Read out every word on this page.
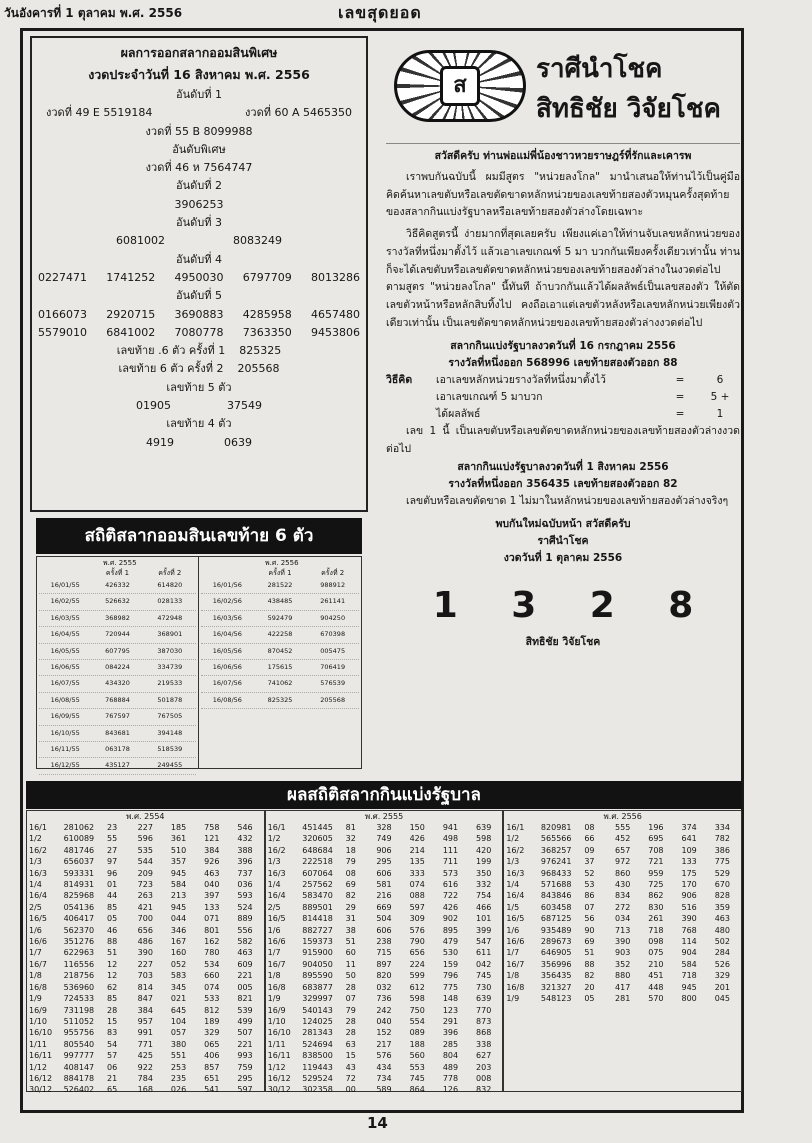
วันอังคารที่ 1 ตุลาคม พ.ศ. 2556	เลขสุดยอด
ผลการออกสลากออมสินพิเศษ
งวดประจำวันที่ 16 สิงหาคม พ.ศ. 2556
อันดับที่ 1
งวดที่ 49 E 5519184	งวดที่ 60 A 5465350
งวดที่ 55 B 8099988
อันดับพิเศษ
งวดที่ 46 ห 7564747
อันดับที่ 2
3906253
อันดับที่ 3
6081002	8083249
อันดับที่ 4
0227471 1741252 4950030 6797709 8013286
อันดับที่ 5
0166073 2920715 3690883 4285958 4657480
5579010 6841002 7080778 7363350 9453806
เลขท้าย .6 ตัว ครั้งที่ 1 825325
เลขท้าย 6 ตัว ครั้งที่ 2 205568
เลขท้าย 5 ตัว
01905	37549
เลขท้าย 4 ตัว
4919	0639
สถิติสลากออมสินเลขท้าย 6 ตัว
พ.ศ. 2555
ครั้งที่ 1	ครั้งที่ 2
16/01/55	426332	614820
16/02/55	526632	028133
16/03/55	368982	472948
16/04/55	720944	368901
16/05/55	607795	387030
16/06/55	084224	334739
16/07/55	434320	219533
16/08/55	768884	501878
16/09/55	767597	767505
16/10/55	843681	394148
16/11/55	063178	518539
16/12/55	435127	249455
พ.ศ. 2556
ครั้งที่ 1	ครั้งที่ 2
16/01/56	281522	988912
16/02/56	438485	261141
16/03/56	592479	904250
16/04/56	422258	670398
16/05/56	870452	005475
16/06/56	175615	706419
16/07/56	741062	576539
16/08/56	825325	205568
ส
ราศีนำโชค
สิทธิชัย วิจัยโชค

สวัสดีครับ ท่านพ่อแม่พี่น้องชาวหวยราษฎร์ที่รักและเคารพ

เราพบกันฉบับนี้ ผมมีสูตร "หน่วยลงโกล" มานำเสนอให้ท่านไว้เป็นคู่มือคิดค้นหาเลขตับหรือเลขตัดขาดหลักหน่วยของเลขท้ายสองตัวหมุนครั้งสุดท้ายของสลากกินแบ่งรัฐบาลหรือเลขท้ายสองตัวล่างโดยเฉพาะ

วิธีคิดสูตรนี้ ง่ายมากที่สุดเลยครับ เพียงแค่เอาให้ท่านจับเลขหลักหน่วยของรางวัลที่หนึ่งมาตั้งไว้ แล้วเอาเลขเกณฑ์ 5 มา บวกกันเพียงครั้งเดียวเท่านั้น ท่านก็จะได้เลขตับหรือเลขตัดขาดหลักหน่วยของเลขท้ายสองตัวล่างในงวดต่อไป ตามสูตร "หน่วยลงโกล" นี้ทันที ถ้าบวกกันแล้วได้ผลลัพธ์เป็นเลขสองตัว ให้ตัดเลขตัวหน้าหรือหลักสิบทิ้งไป คงถือเอาแต่เลขตัวหลังหรือเลขหลักหน่วยเพียงตัวเดียวเท่านั้น เป็นเลขตัดขาดหลักหน่วยของเลขท้ายสองตัวล่างงวดต่อไป

สลากกินแบ่งรัฐบาลงวดวันที่ 16 กรกฎาคม 2556

รางวัลที่หนึ่งออก 568996 เลขท้ายสองตัวออก 88

วิธีคิด	เอาเลขหลักหน่วยรางวัลที่หนึ่งมาตั้งไว้	=	6
เอาเลขเกณฑ์ 5 มาบวก	=	5 +
ได้ผลลัพธ์	=	1

เลข 1 นี้ เป็นเลขตับหรือเลขตัดขาดหลักหน่วยของเลขท้ายสองตัวล่างงวดต่อไป

สลากกินแบ่งรัฐบาลงวดวันที่ 1 สิงหาคม 2556

รางวัลที่หนึ่งออก 356435 เลขท้ายสองตัวออก 82

เลขตับหรือเลขตัดขาด 1 ไม่มาในหลักหน่วยของเลขท้ายสองตัวล่างจริงๆ

พบกันใหม่ฉบับหน้า สวัสดีครับ

ราศีนำโชค

งวดวันที่ 1 ตุลาคม 2556

1 3 2 8

สิทธิชัย วิจัยโชค

ผลสถิติสลากกินแบ่งรัฐบาล
พ.ศ. 2554
16/1	281062	23	227	185	758	546
1/2	610089	55	596	361	121	432
16/2	481746	27	535	510	384	388
1/3	656037	97	544	357	926	396
16/3	593331	96	209	945	463	737
1/4	814931	01	723	584	040	036
16/4	825968	44	263	213	397	593
2/5	054136	85	421	945	133	524
16/5	406417	05	700	044	071	889
1/6	562370	46	656	346	801	556
16/6	351276	88	486	167	162	582
1/7	622963	51	390	160	780	463
16/7	116556	12	227	052	534	609
1/8	218756	12	703	583	660	221
16/8	536960	62	814	345	074	005
1/9	724533	85	847	021	533	821
16/9	731198	28	384	645	812	539
1/10	511052	15	957	104	189	499
16/10	955756	83	991	057	329	507
1/11	805540	54	771	380	065	221
16/11	997777	57	425	551	406	993
1/12	408147	06	922	253	857	759
16/12	884178	21	784	235	651	295
30/12	526402	65	168	026	541	597
พ.ศ. 2555
16/1	451445	81	328	150	941	639
1/2	320605	32	749	426	498	598
16/2	648684	18	906	214	111	420
1/3	222518	79	295	135	711	199
16/3	607064	08	606	333	573	350
1/4	257562	69	581	074	616	332
16/4	583470	82	216	088	722	754
2/5	889501	29	669	597	426	466
16/5	814418	31	504	309	902	101
1/6	882727	38	606	576	895	399
16/6	159373	51	238	790	479	547
1/7	915900	60	715	656	530	611
16/7	904050	11	897	224	159	042
1/8	895590	50	820	599	796	745
16/8	683877	28	032	612	775	730
1/9	329997	07	736	598	148	639
16/9	540143	79	242	750	123	770
1/10	124025	28	040	554	291	873
16/10	281343	28	152	089	396	868
1/11	524694	63	217	188	285	338
16/11	838500	15	576	560	804	627
1/12	119443	43	434	553	489	203
16/12	529524	72	734	745	778	008
30/12	302358	00	589	864	126	832
พ.ศ. 2556
16/1	820981	08	555	196	374	334
1/2	565566	66	452	695	641	782
16/2	368257	09	657	708	109	386
1/3	976241	37	972	721	133	775
16/3	968433	52	860	959	175	529
1/4	571688	53	430	725	170	670
16/4	843846	86	834	862	906	828
1/5	603458	07	272	830	516	359
16/5	687125	56	034	261	390	463
1/6	935489	90	713	718	768	480
16/6	289673	69	390	098	114	502
1/7	646905	51	903	075	904	284
16/7	356996	88	352	210	584	526
1/8	356435	82	880	451	718	329
16/8	321327	20	417	448	945	201
1/9	548123	05	281	570	800	045
14
